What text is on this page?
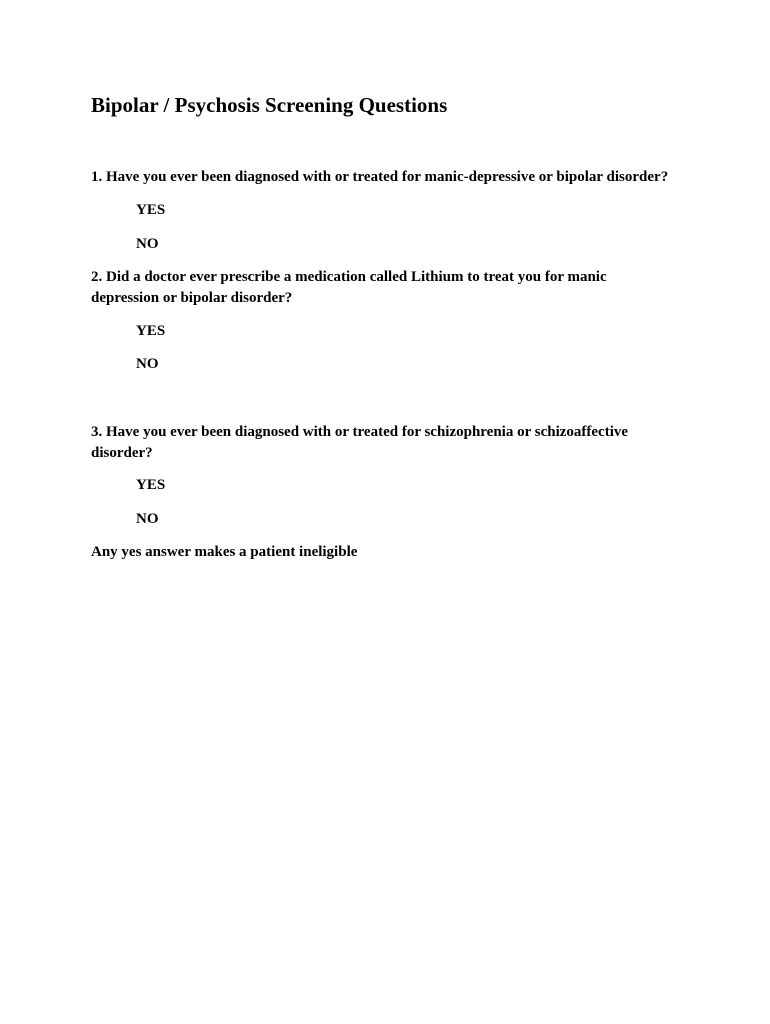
Bipolar / Psychosis Screening Questions
1. Have you ever been diagnosed with or treated for manic-depressive or bipolar disorder?
YES
NO
2. Did a doctor ever prescribe a medication called Lithium to treat you for manic depression or bipolar disorder?
YES
NO
3. Have you ever been diagnosed with or treated for schizophrenia or schizoaffective disorder?
YES
NO
Any yes answer makes a patient ineligible
